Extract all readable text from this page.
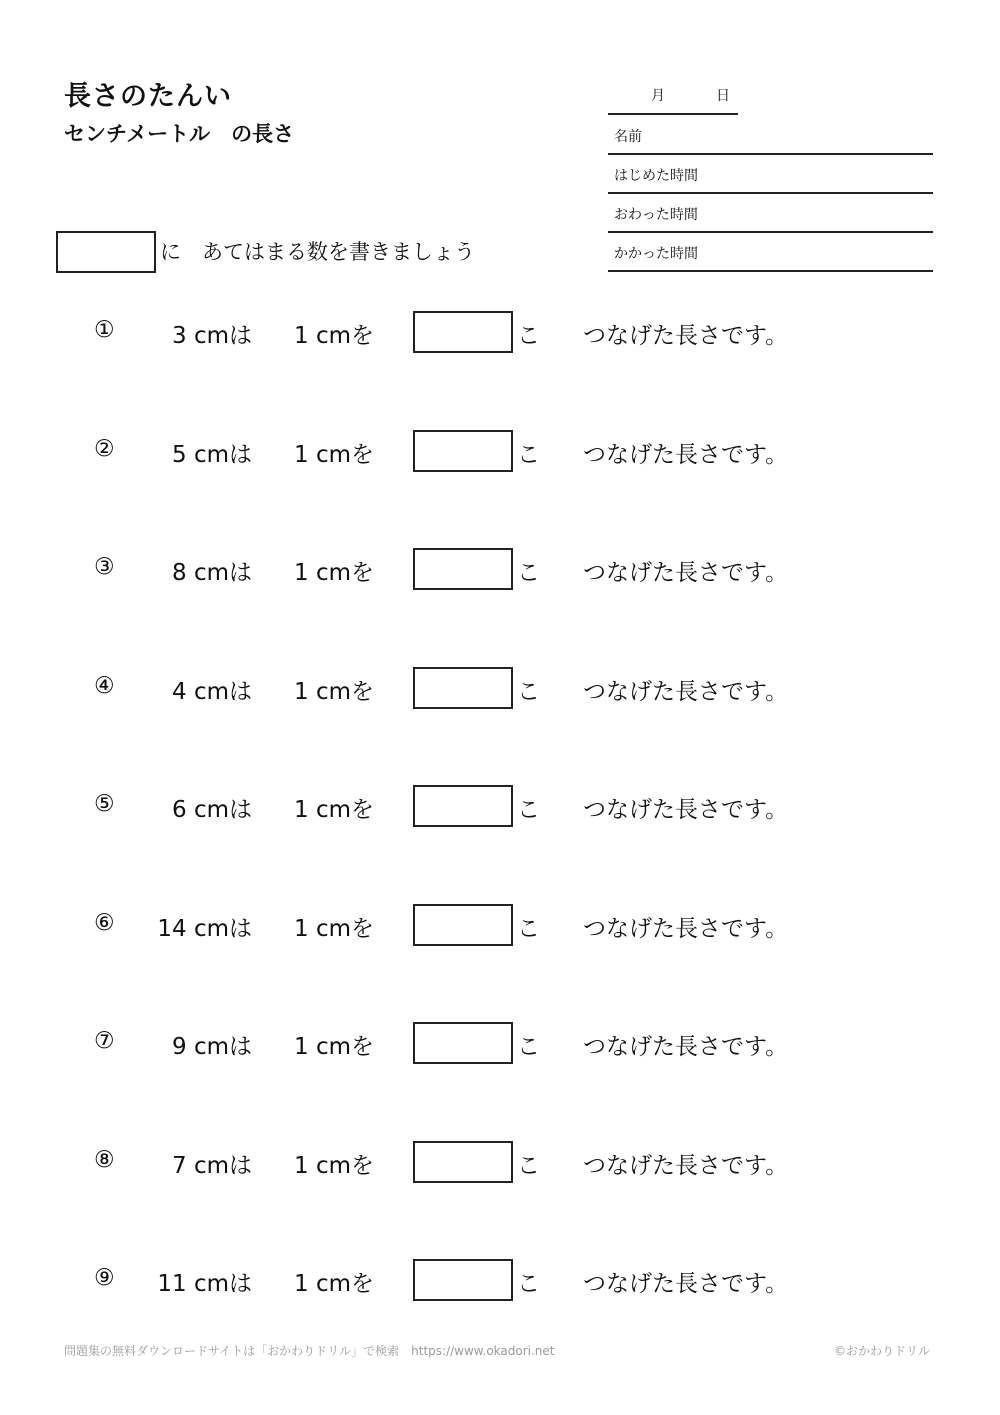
長さのたんい
センチメートル　の長さ
月	日
名前
はじめた時間
おわった時間
かかった時間
に　あてはまる数を書きましょう
① 3 cmは 1 cmを	こ つなげた長さです。
② 5 cmは 1 cmを	こ つなげた長さです。
③ 8 cmは 1 cmを	こ つなげた長さです。
④ 4 cmは 1 cmを	こ つなげた長さです。
⑤ 6 cmは 1 cmを	こ つなげた長さです。
⑥ 14 cmは 1 cmを	こ つなげた長さです。
⑦ 9 cmは 1 cmを	こ つなげた長さです。
⑧ 7 cmは 1 cmを	こ つなげた長さです。
⑨ 11 cmは 1 cmを	こ つなげた長さです。
問題集の無料ダウンロードサイトは「おかわりドリル」で検索　https://www.okadori.net	©おかわりドリル
